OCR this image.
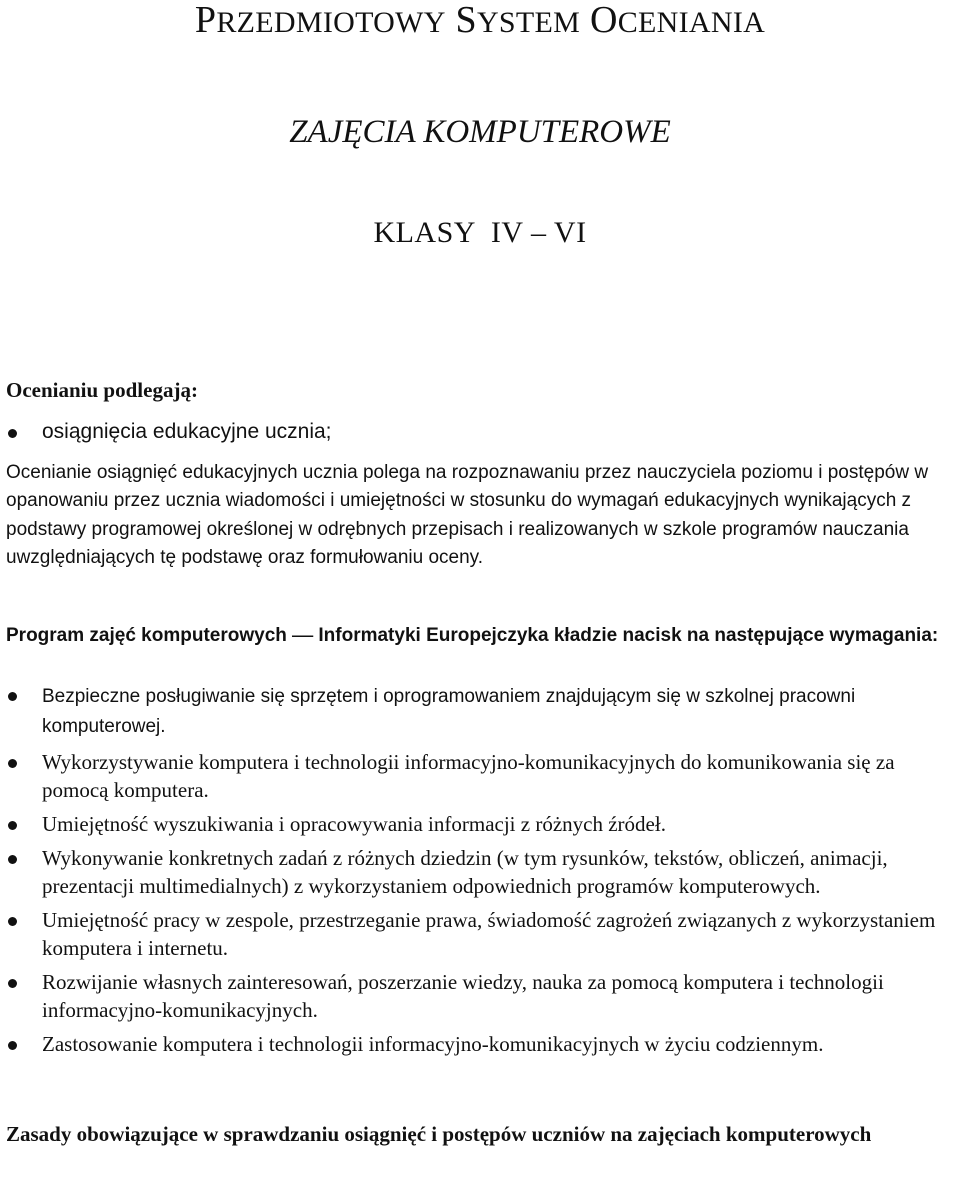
PRZEDMIOTOWY SYSTEM OCENIANIA
ZAJĘCIA KOMPUTEROWE
KLASY  IV – VI

Ocenianiu podlegają:

osiągnięcia edukacyjne ucznia;

Ocenianie osiągnięć edukacyjnych ucznia polega na rozpoznawaniu przez nauczyciela poziomu i postępów w opanowaniu przez ucznia wiadomości i umiejętności w stosunku do wymagań edukacyjnych wynikających z podstawy programowej określonej w odrębnych przepisach i realizowanych w szkole programów nauczania uwzględniających tę podstawę oraz formułowaniu oceny.

Program zajęć komputerowych — Informatyki Europejczyka kładzie nacisk na następujące wymagania:

Bezpieczne posługiwanie się sprzętem i oprogramowaniem znajdującym się w szkolnej pracowni komputerowej.
Wykorzystywanie komputera i technologii informacyjno-komunikacyjnych do komunikowania się za pomocą komputera.
Umiejętność wyszukiwania i opracowywania informacji z różnych źródeł.
Wykonywanie konkretnych zadań z różnych dziedzin (w tym rysunków, tekstów, obliczeń, animacji, prezentacji multimedialnych) z wykorzystaniem odpowiednich programów komputerowych.
Umiejętność pracy w zespole, przestrzeganie prawa, świadomość zagrożeń związanych z wykorzystaniem komputera i internetu.
Rozwijanie własnych zainteresowań, poszerzanie wiedzy, nauka za pomocą komputera i technologii informacyjno-komunikacyjnych.
Zastosowanie komputera i technologii informacyjno-komunikacyjnych w życiu codziennym.

Zasady obowiązujące w sprawdzaniu osiągnięć i postępów uczniów na zajęciach komputerowych
